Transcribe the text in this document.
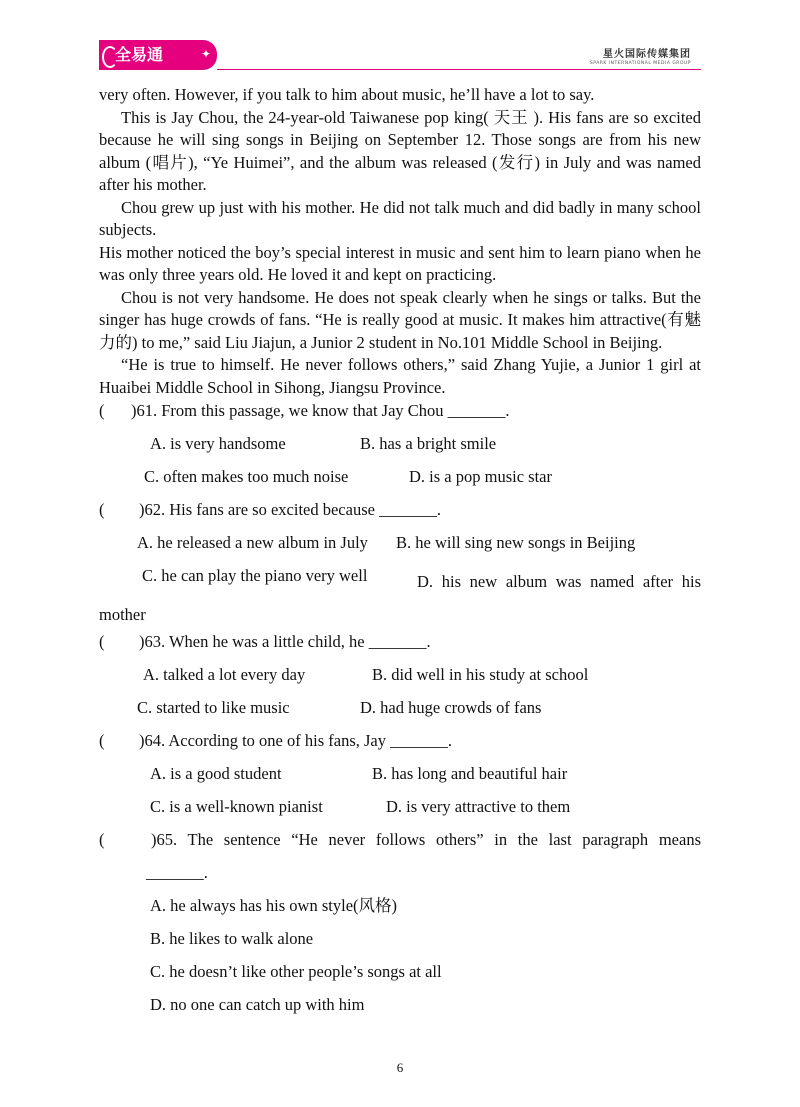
全易通	✦	星火国际传媒集团
SPARK INTERNATIONAL MEDIA GROUP

very often. However, if you talk to him about music, he’ll have a lot to say.

This is Jay Chou, the 24-year-old Taiwanese pop king( 天王 ). His fans are so excited because he will sing songs in Beijing on September 12. Those songs are from his new album (唱片), “Ye Huimei”, and the album was released (发行) in July and was named after his mother.

Chou grew up just with his mother. He did not talk much and did badly in many school subjects.

His mother noticed the boy’s special interest in music and sent him to learn piano when he was only three years old. He loved it and kept on practicing.

Chou is not very handsome. He does not speak clearly when he sings or talks. But the singer has huge crowds of fans. “He is really good at music. It makes him attractive(有魅力的) to me,” said Liu Jiajun, a Junior 2 student in No.101 Middle School in Beijing.

“He is true to himself. He never follows others,” said Zhang Yujie, a Junior 1 girl at Huaibei Middle School in Sihong, Jiangsu Province.

( )61. From this passage, we know that Jay Chou _______.
A. is very handsome	B. has a bright smile
C. often makes too much noise	D. is a pop music star
( )62. His fans are so excited because _______.
A. he released a new album in July B. he will sing new songs in Beijing
C. he can play the piano very well	D. his new album was named after his mother
( )63. When he was a little child, he _______.
A. talked a lot every day	B. did well in his study at school
C. started to like music	D. had huge crowds of fans
( )64. According to one of his fans, Jay _______.
A. is a good student	B. has long and beautiful hair
C. is a well-known pianist	D. is very attractive to them
(	)65. The sentence “He never follows others” in the last paragraph means
_______.
A. he always has his own style(风格)
B. he likes to walk alone
C. he doesn’t like other people’s songs at all
D. no one can catch up with him
6
